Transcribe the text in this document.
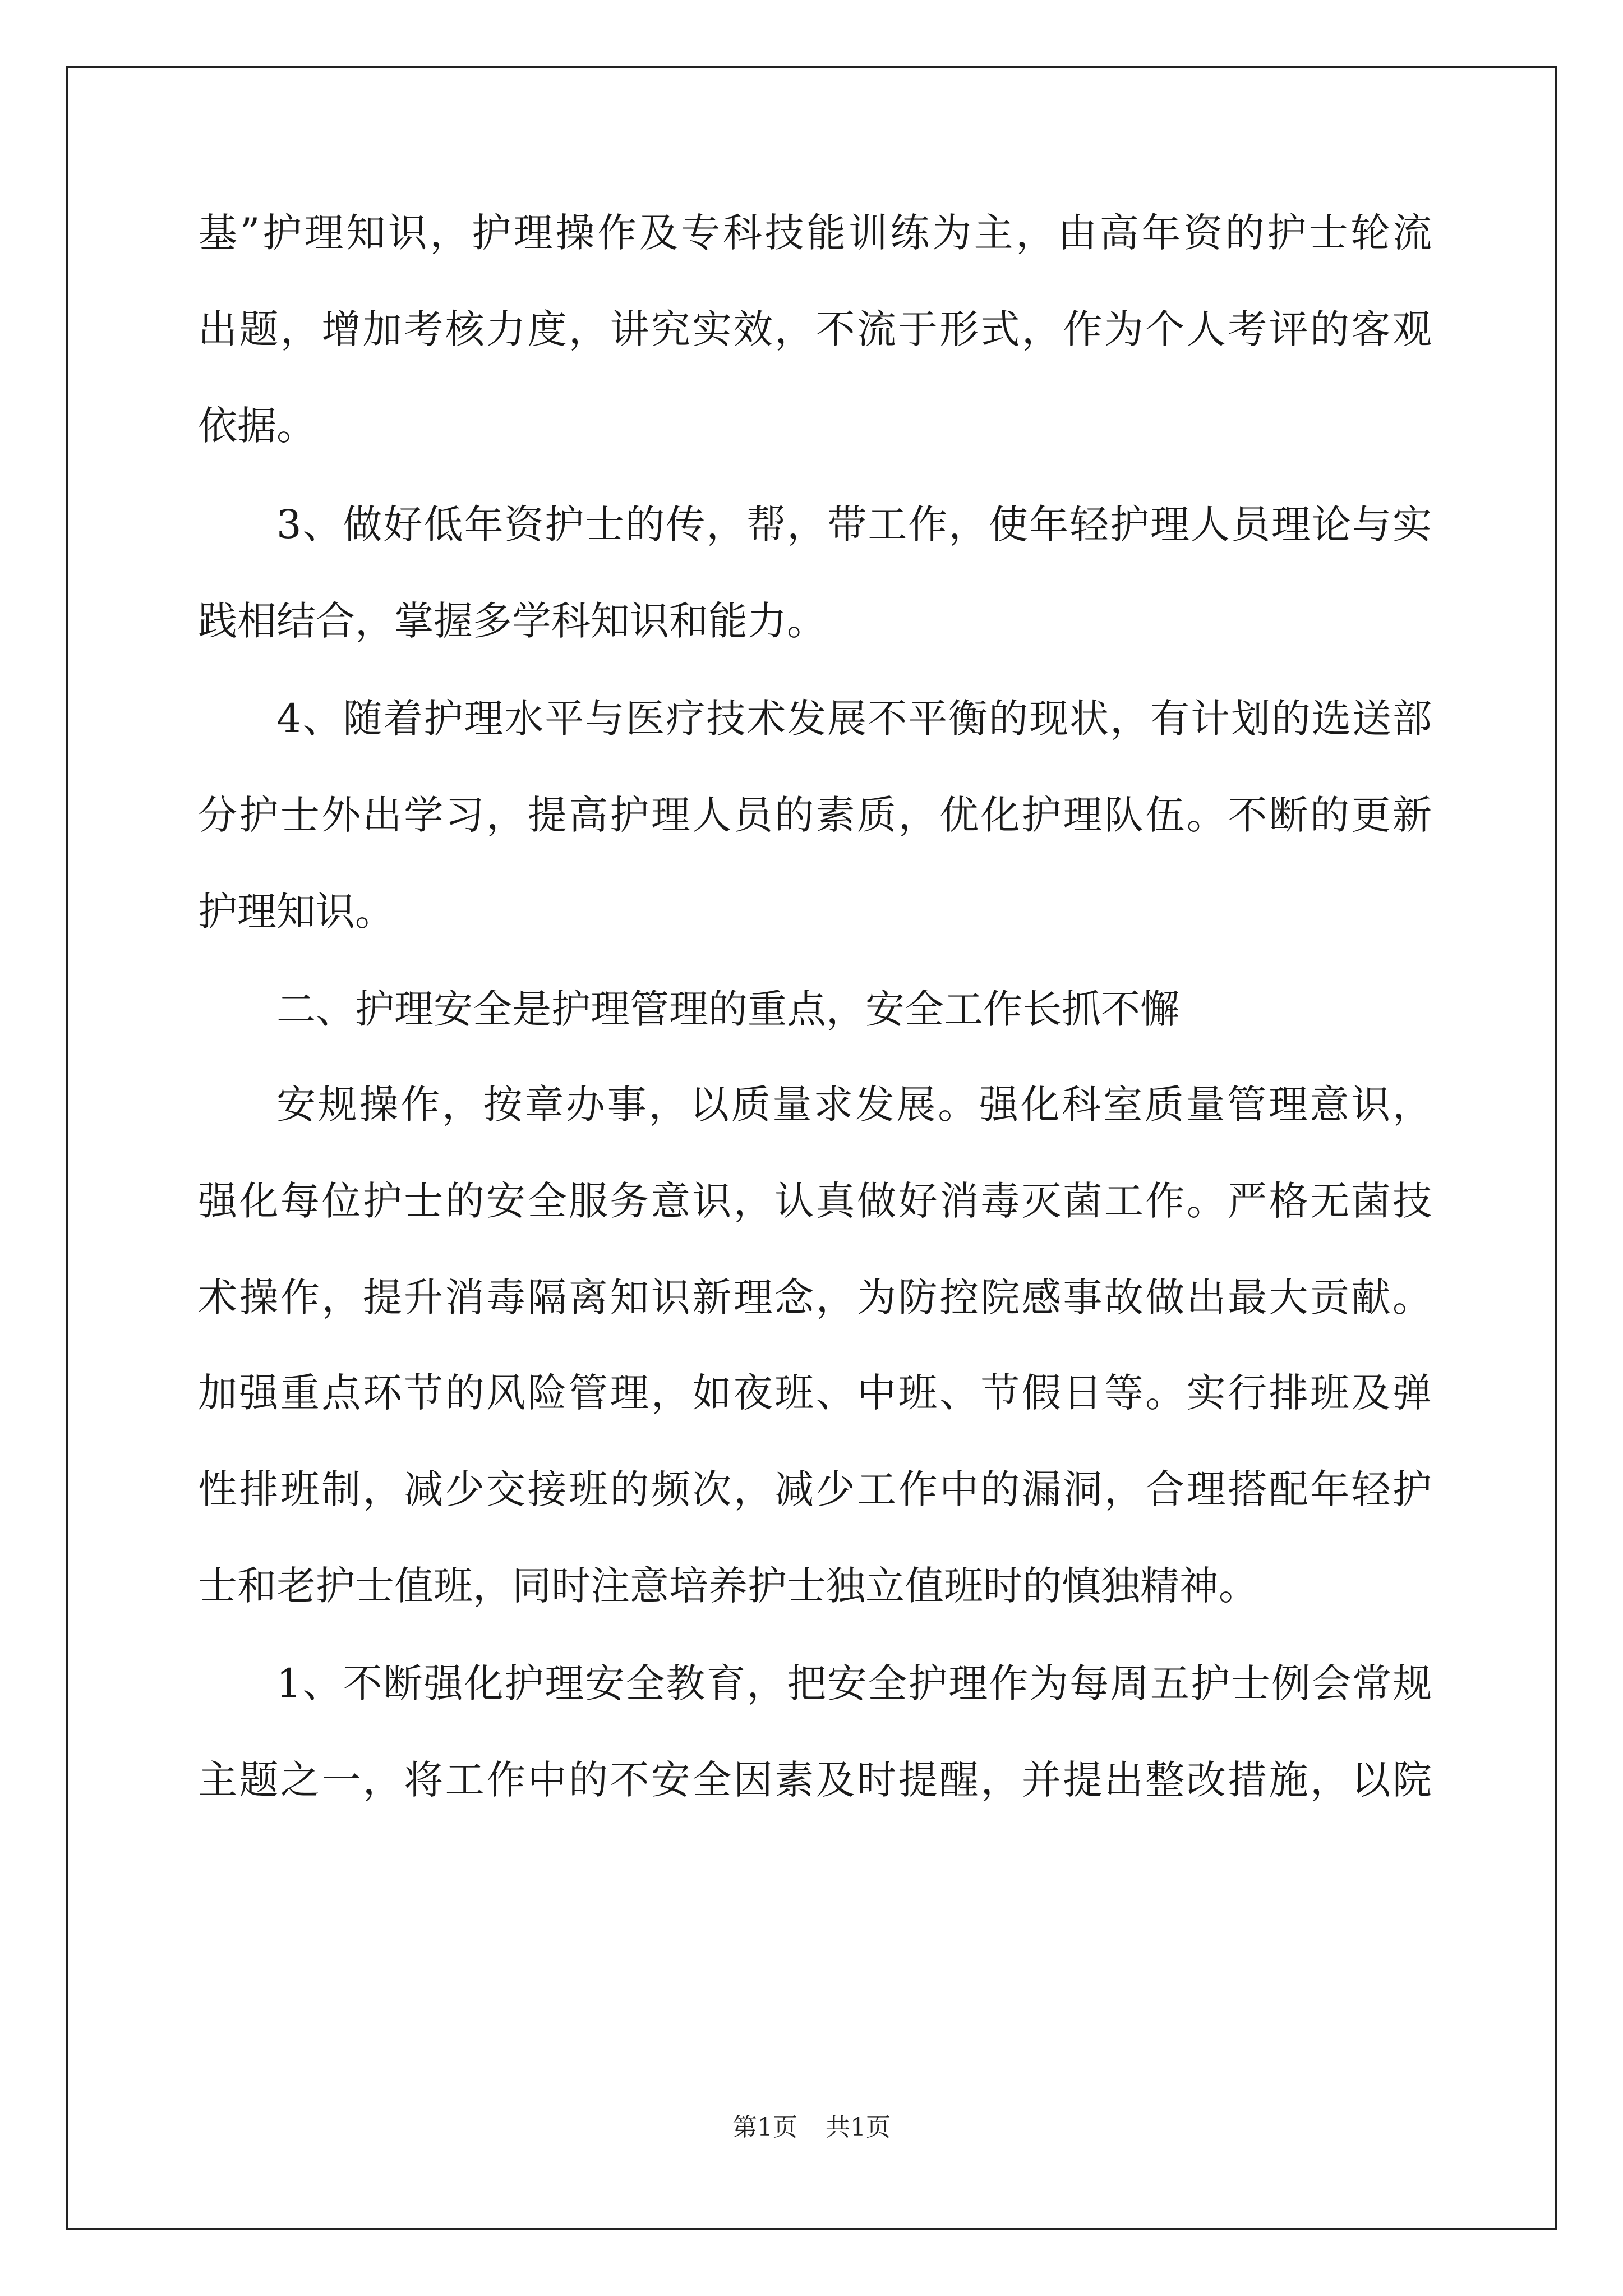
基”护理知识，护理操作及专科技能训练为主，由高年资的护士轮流
出题，增加考核力度，讲究实效，不流于形式，作为个人考评的客观
依据。
3、做好低年资护士的传，帮，带工作，使年轻护理人员理论与实
践相结合，掌握多学科知识和能力。
4、随着护理水平与医疗技术发展不平衡的现状，有计划的选送部
分护士外出学习，提高护理人员的素质，优化护理队伍。不断的更新
护理知识。
二、护理安全是护理管理的重点，安全工作长抓不懈
安规操作，按章办事，以质量求发展。强化科室质量管理意识，
强化每位护士的安全服务意识，认真做好消毒灭菌工作。严格无菌技
术操作，提升消毒隔离知识新理念，为防控院感事故做出最大贡献。
加强重点环节的风险管理，如夜班、中班、节假日等。实行排班及弹
性排班制，减少交接班的频次，减少工作中的漏洞，合理搭配年轻护
士和老护士值班，同时注意培养护士独立值班时的慎独精神。
1、不断强化护理安全教育，把安全护理作为每周五护士例会常规
主题之一，将工作中的不安全因素及时提醒，并提出整改措施，以院
第1页 共1页
